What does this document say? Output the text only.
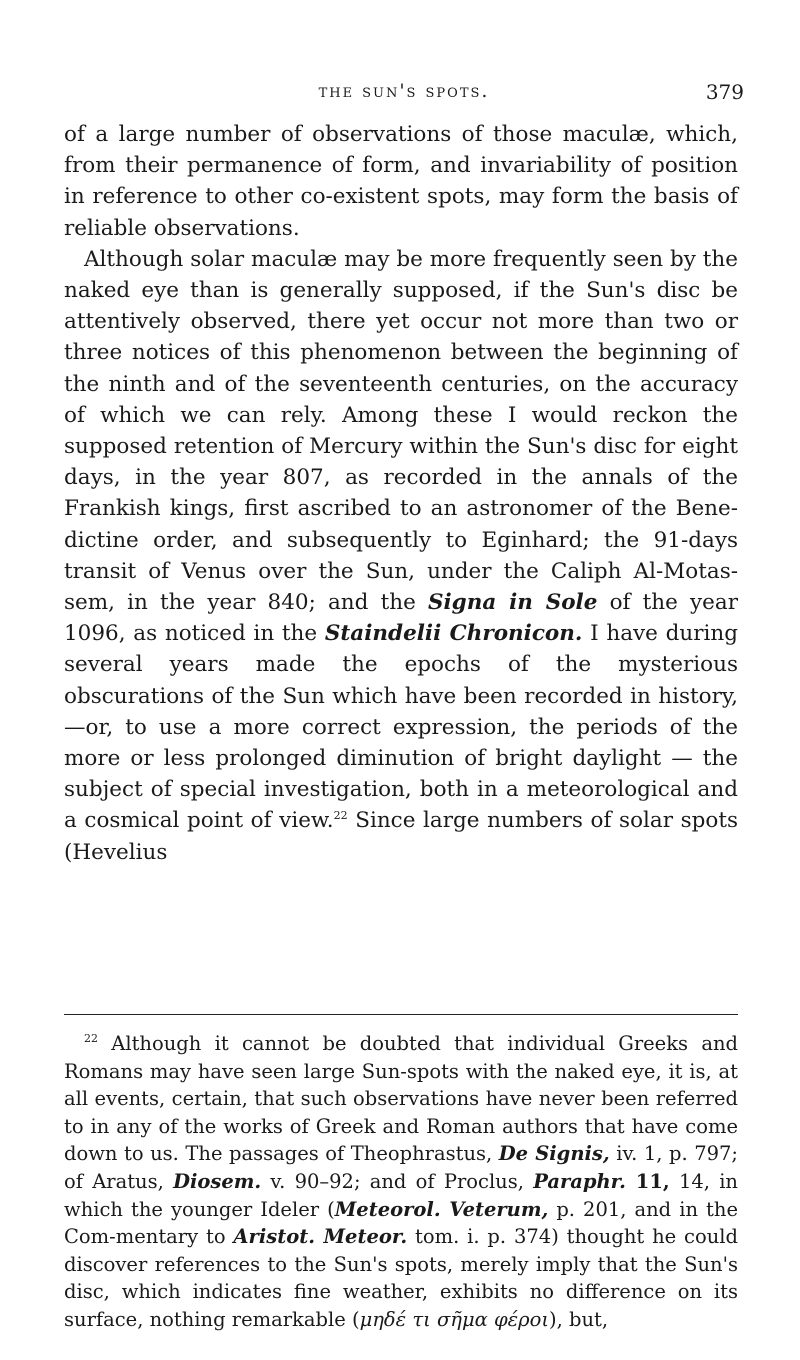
the sun's spots.	379

of a large number of observations of those maculæ, which, from their permanence of form, and invariability of position in reference to other co-existent spots, may form the basis of reliable observations.

Although solar maculæ may be more frequently seen by the naked eye than is generally supposed, if the Sun's disc be attentively observed, there yet occur not more than two or three notices of this phenomenon between the beginning of the ninth and of the seventeenth centuries, on the accuracy of which we can rely. Among these I would reckon the supposed retention of Mercury within the Sun's disc for eight days, in the year 807, as recorded in the annals of the Frankish kings, first ascribed to an astronomer of the Bene-dictine order, and subsequently to Eginhard; the 91-days transit of Venus over the Sun, under the Caliph Al-Motas-sem, in the year 840; and the Signa in Sole of the year 1096, as noticed in the Staindelii Chronicon. I have during several years made the epochs of the mysterious obscurations of the Sun which have been recorded in history,—or, to use a more correct expression, the periods of the more or less prolonged diminution of bright daylight — the subject of special investigation, both in a meteorological and a cosmical point of view.$^{22}$ Since large numbers of solar spots (Hevelius

$^{22}$ Although it cannot be doubted that individual Greeks and Romans may have seen large Sun-spots with the naked eye, it is, at all events, certain, that such observations have never been referred to in any of the works of Greek and Roman authors that have come down to us. The passages of Theophrastus, De Signis, iv. 1, p. 797; of Aratus, Diosem. v. 90–92; and of Proclus, Paraphr. 11, 14, in which the younger Ideler (Meteorol. Veterum, p. 201, and in the Com-mentary to Aristot. Meteor. tom. i. p. 374) thought he could discover references to the Sun's spots, merely imply that the Sun's disc, which indicates fine weather, exhibits no difference on its surface, nothing remarkable (μηδέ τι σῆμα φέροι), but,
